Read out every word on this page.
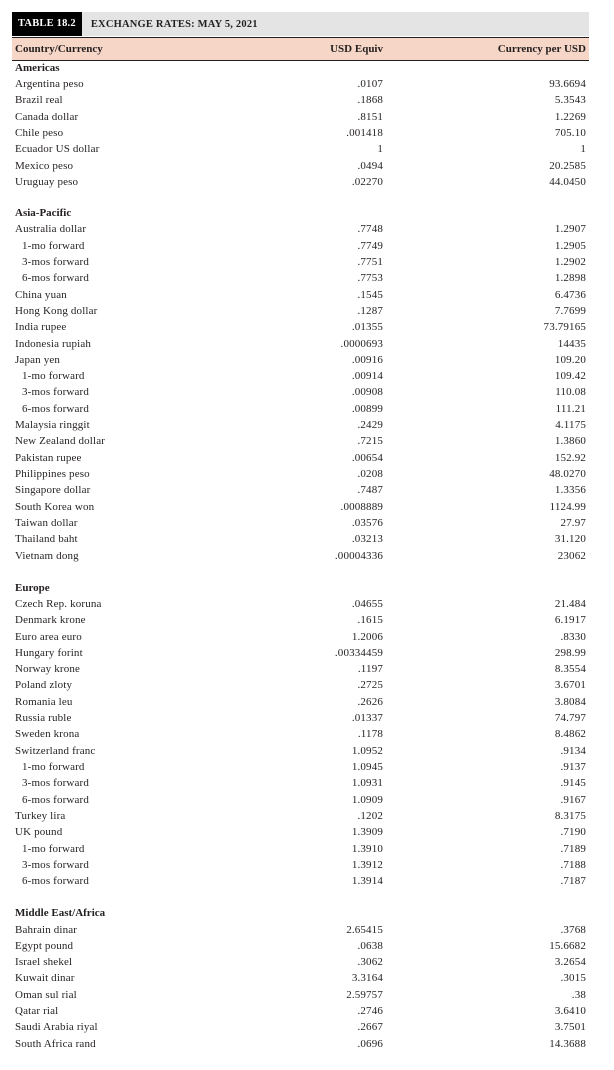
TABLE 18.2	EXCHANGE RATES: MAY 5, 2021
Country/Currency	USD Equiv	Currency per USD
Americas
Argentina peso	.0107	93.6694
Brazil real	.1868	5.3543
Canada dollar	.8151	1.2269
Chile peso	.001418	705.10
Ecuador US dollar	1	1
Mexico peso	.0494	20.2585
Uruguay peso	.02270	44.0450
Asia-Pacific
Australia dollar	.7748	1.2907
1-mo forward	.7749	1.2905
3-mos forward	.7751	1.2902
6-mos forward	.7753	1.2898
China yuan	.1545	6.4736
Hong Kong dollar	.1287	7.7699
India rupee	.01355	73.79165
Indonesia rupiah	.0000693	14435
Japan yen	.00916	109.20
1-mo forward	.00914	109.42
3-mos forward	.00908	110.08
6-mos forward	.00899	111.21
Malaysia ringgit	.2429	4.1175
New Zealand dollar	.7215	1.3860
Pakistan rupee	.00654	152.92
Philippines peso	.0208	48.0270
Singapore dollar	.7487	1.3356
South Korea won	.0008889	1124.99
Taiwan dollar	.03576	27.97
Thailand baht	.03213	31.120
Vietnam dong	.00004336	23062
Europe
Czech Rep. koruna	.04655	21.484
Denmark krone	.1615	6.1917
Euro area euro	1.2006	.8330
Hungary forint	.00334459	298.99
Norway krone	.1197	8.3554
Poland zloty	.2725	3.6701
Romania leu	.2626	3.8084
Russia ruble	.01337	74.797
Sweden krona	.1178	8.4862
Switzerland franc	1.0952	.9134
1-mo forward	1.0945	.9137
3-mos forward	1.0931	.9145
6-mos forward	1.0909	.9167
Turkey lira	.1202	8.3175
UK pound	1.3909	.7190
1-mo forward	1.3910	.7189
3-mos forward	1.3912	.7188
6-mos forward	1.3914	.7187
Middle East/Africa
Bahrain dinar	2.65415	.3768
Egypt pound	.0638	15.6682
Israel shekel	.3062	3.2654
Kuwait dinar	3.3164	.3015
Oman sul rial	2.59757	.38
Qatar rial	.2746	3.6410
Saudi Arabia riyal	.2667	3.7501
South Africa rand	.0696	14.3688
